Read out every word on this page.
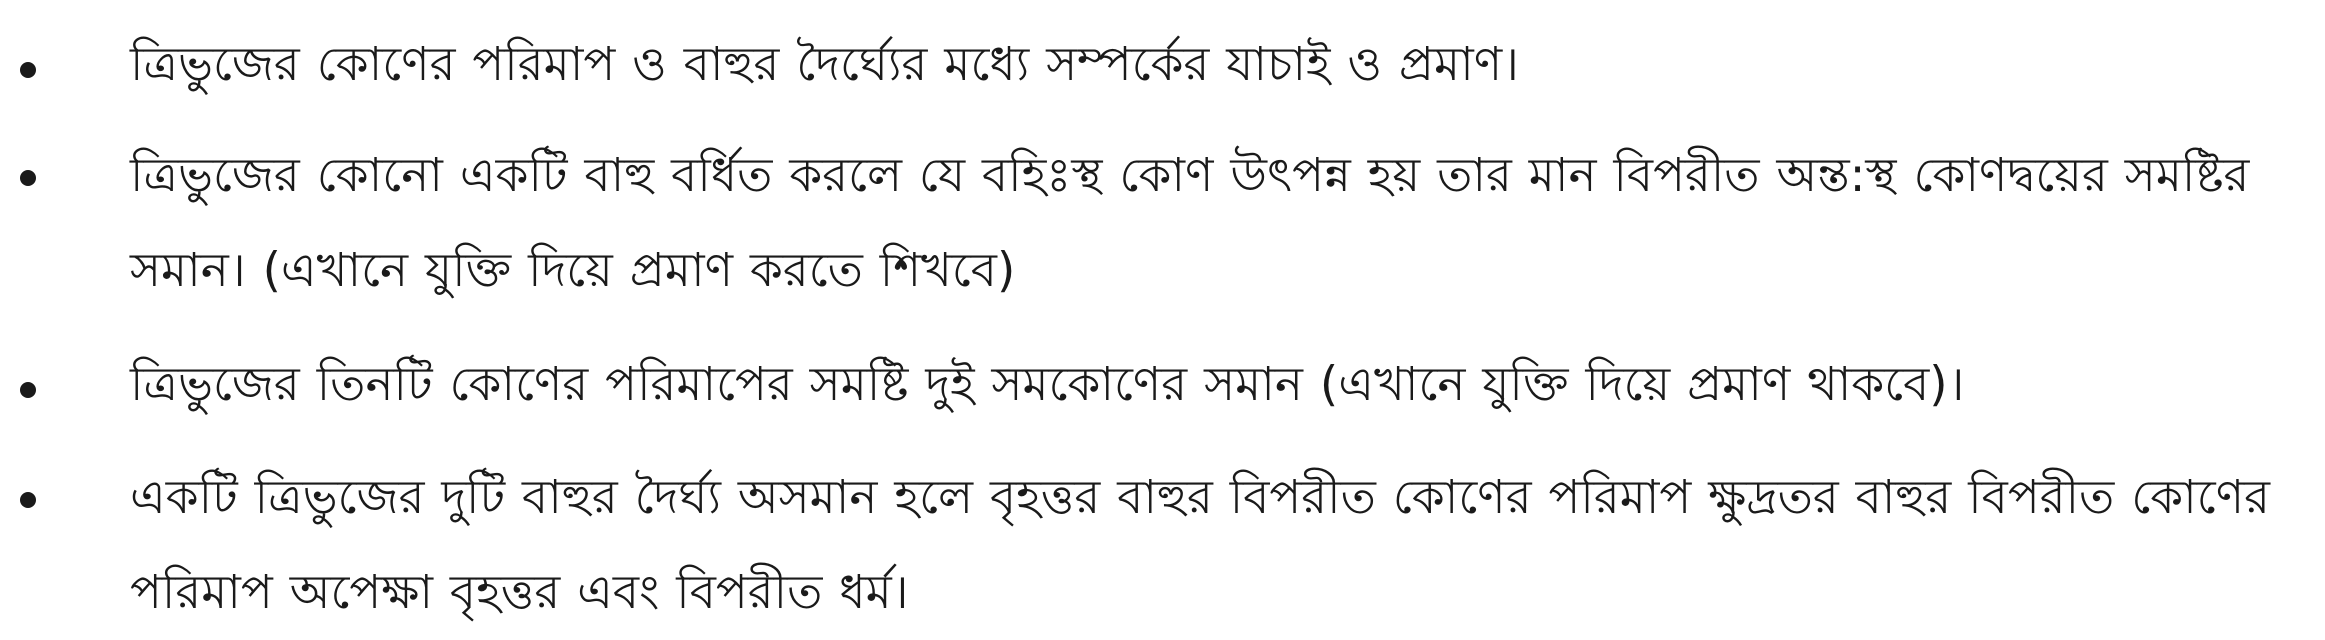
ত্রিভুজের কোণের পরিমাপ ও বাহুর দৈর্ঘ্যের মধ্যে সম্পর্কের যাচাই ও প্রমাণ।
ত্রিভুজের কোনো একটি বাহু বর্ধিত করলে যে বহিঃস্থ কোণ উৎপন্ন হয় তার মান বিপরীত অন্ত:স্থ কোণদ্বয়ের সমষ্টির সমান। (এখানে যুক্তি দিয়ে প্রমাণ করতে শিখবে)
ত্রিভুজের তিনটি কোণের পরিমাপের সমষ্টি দুই সমকোণের সমান (এখানে যুক্তি দিয়ে প্রমাণ থাকবে)।
একটি ত্রিভুজের দুটি বাহুর দৈর্ঘ্য অসমান হলে বৃহত্তর বাহুর বিপরীত কোণের পরিমাপ ক্ষুদ্রতর বাহুর বিপরীত কোণের পরিমাপ অপেক্ষা বৃহত্তর এবং বিপরীত ধর্ম।
